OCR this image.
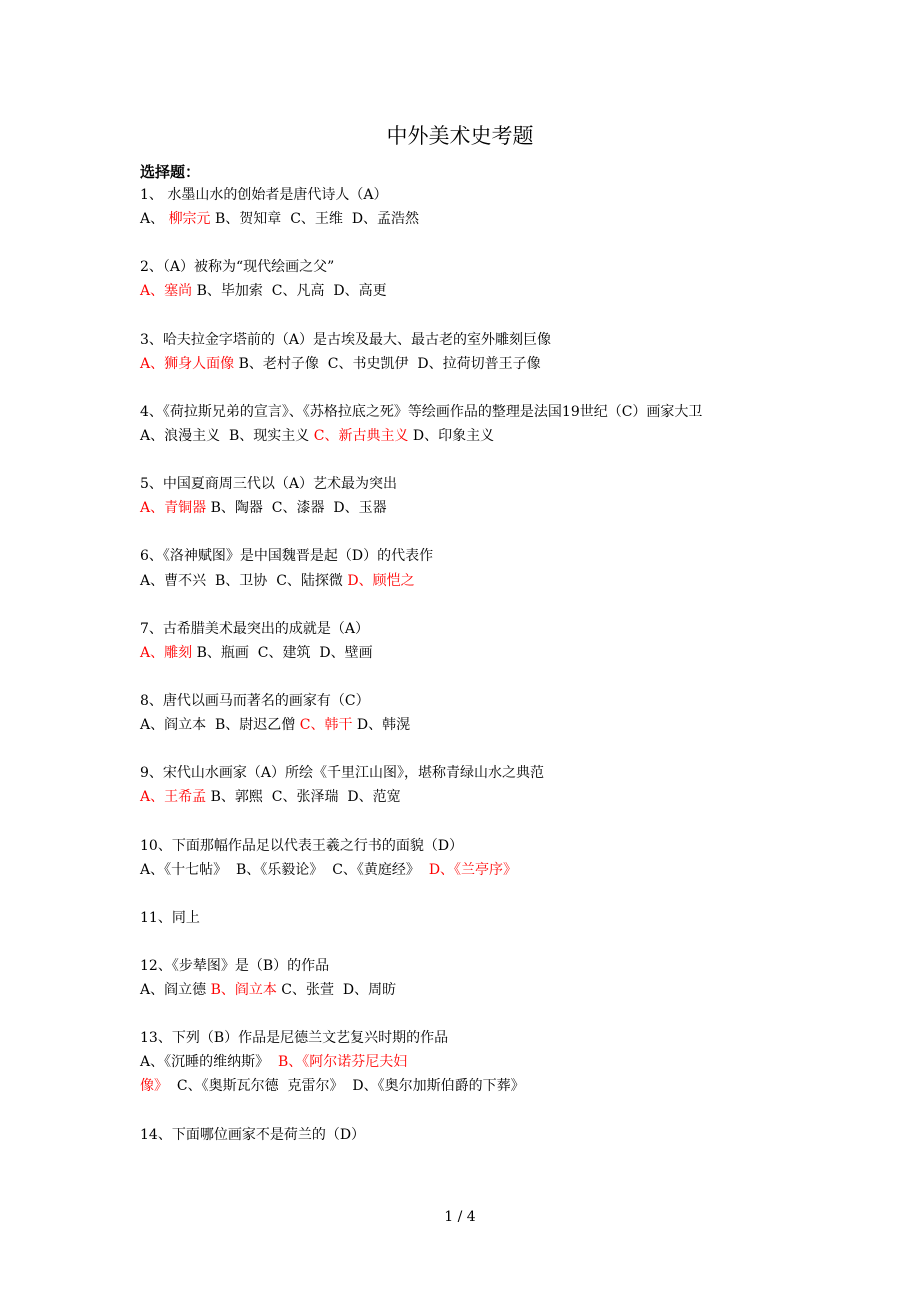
中外美术史考题
选择题：
1、 水墨山水的创始者是唐代诗人（A）
A、 柳宗元 B、贺知章  C、王维  D、孟浩然
2、（A）被称为“现代绘画之父”
A、塞尚 B、毕加索  C、凡高  D、高更
3、哈夫拉金字塔前的（A）是古埃及最大、最古老的室外雕刻巨像
A、狮身人面像 B、老村子像  C、书史凯伊  D、拉荷切普王子像
4、《荷拉斯兄弟的宣言》、《苏格拉底之死》等绘画作品的整理是法国19世纪（C）画家大卫
A、浪漫主义  B、现实主义 C、新古典主义 D、印象主义
5、中国夏商周三代以（A）艺术最为突出
A、青铜器 B、陶器  C、漆器  D、玉器
6、《洛神赋图》是中国魏晋是起（D）的代表作
A、曹不兴  B、卫协  C、陆探微 D、顾恺之
7、古希腊美术最突出的成就是（A）
A、雕刻 B、瓶画  C、建筑  D、壁画
8、唐代以画马而著名的画家有（C）
A、阎立本  B、尉迟乙僧 C、韩干 D、韩滉
9、宋代山水画家（A）所绘《千里江山图》，堪称青绿山水之典范
A、王希孟 B、郭熙  C、张泽瑞  D、范宽
10、下面那幅作品足以代表王羲之行书的面貌（D）
A、《十七帖》  B、《乐毅论》  C、《黄庭经》  D、《兰亭序》
11、同上
12、《步辇图》是（B）的作品
A、阎立德 B、阎立本 C、张萱  D、周昉
13、下列（B）作品是尼德兰文艺复兴时期的作品
A、《沉睡的维纳斯》  B、《阿尔诺芬尼夫妇像》  C、《奥斯瓦尔德  克雷尔》  D、《奥尔加斯伯爵的下葬》
14、下面哪位画家不是荷兰的（D）
1 / 4
